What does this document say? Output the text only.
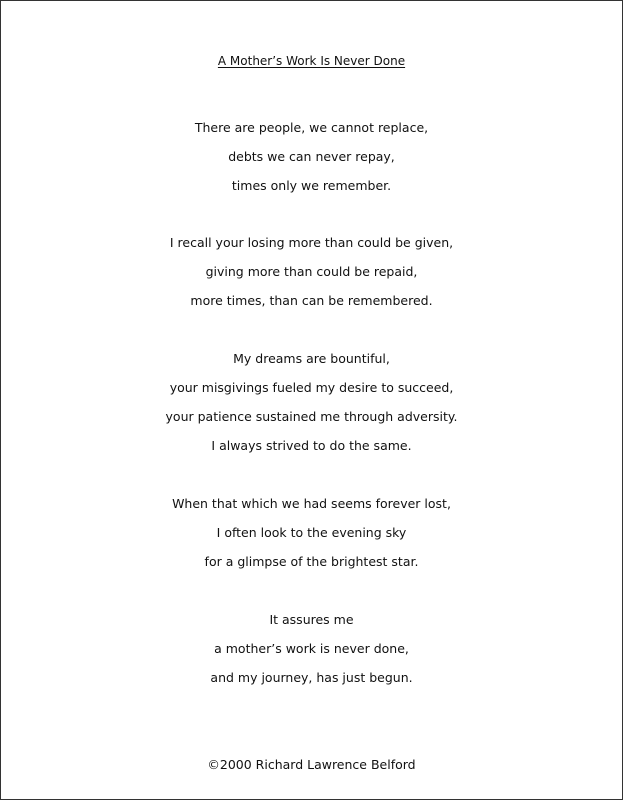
A Mother’s Work Is Never Done
There are people, we cannot replace,
debts we can never repay,
times only we remember.
I recall your losing more than could be given,
giving more than could be repaid,
more times, than can be remembered.
My dreams are bountiful,
your misgivings fueled my desire to succeed,
your patience sustained me through adversity.
I always strived to do the same.
When that which we had seems forever lost,
I often look to the evening sky
for a glimpse of the brightest star.
It assures me
a mother’s work is never done,
and my journey, has just begun.
©2000 Richard Lawrence Belford
